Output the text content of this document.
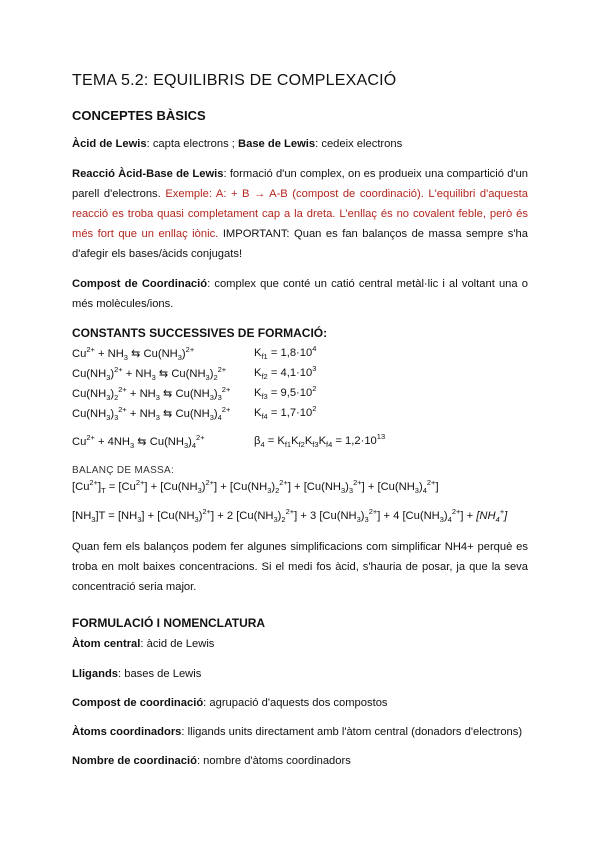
TEMA 5.2: EQUILIBRIS DE COMPLEXACIÓ
CONCEPTES BÀSICS

Àcid de Lewis: capta electrons ; Base de Lewis: cedeix electrons

Reacció Àcid-Base de Lewis: formació d'un complex, on es produeix una compartició d'un parell d'electrons. Exemple: A: + B → A-B (compost de coordinació). L'equilibri d'aquesta reacció es troba quasi completament cap a la dreta. L'enllaç és no covalent feble, però és més fort que un enllaç iònic. IMPORTANT: Quan es fan balanços de massa sempre s'ha d'afegir els bases/àcids conjugats!

Compost de Coordinació: complex que conté un catió central metàl·lic i al voltant una o més molècules/ions.

CONSTANTS SUCCESSIVES DE FORMACIÓ:
$Cu^{2+} + NH_3$ ⇆ $Cu(NH_3)^{2+}$	$K_{f1} = 1,8\cdot 10^4$
$Cu(NH_3)^{2+} + NH_3$ ⇆ $Cu(NH_3)_2^{2+}$ $K_{f2} = 4,1\cdot 10^3$
$Cu(NH_3)_2^{2+} + NH_3$ ⇆ $Cu(NH_3)_3^{2+}$ $K_{f3} = 9,5\cdot 10^2$
$Cu(NH_3)_3^{2+} + NH_3$ ⇆ $Cu(NH_3)_4^{2+}$ $K_{f4} = 1,7\cdot 10^2$
$Cu^{2+} + 4NH_3$ ⇆ $Cu(NH_3)_4^{2+}$	$\beta_4 = K_{f1}K_{f2}K_{f3}K_{f4} = 1,2\cdot 10^{13}$
BALANÇ DE MASSA:
$[Cu^{2+}]_T = [Cu^{2+}] + [Cu(NH_3)^{2+}] + [Cu(NH_3)_2^{2+}] + [Cu(NH_3)_3^{2+}] + [Cu(NH_3)_4^{2+}]$
$[NH_3]T = [NH_3] + [Cu(NH_3)^{2+}] + 2$ $[Cu(NH_3)_2^{2+}] + 3$ $[Cu(NH_3)_3^{2+}] + 4$ $[Cu(NH_3)_4^{2+}] + [NH_4^+]$

Quan fem els balanços podem fer algunes simplificacions com simplificar NH4+ perquè es troba en molt baixes concentracions. Si el medi fos àcid, s'hauria de posar, ja que la seva concentració seria major.

FORMULACIÓ I NOMENCLATURA

Àtom central: àcid de Lewis

Lligands: bases de Lewis

Compost de coordinació: agrupació d'aquests dos compostos

Àtoms coordinadors: lligands units directament amb l'àtom central (donadors d'electrons)

Nombre de coordinació: nombre d'àtoms coordinadors
